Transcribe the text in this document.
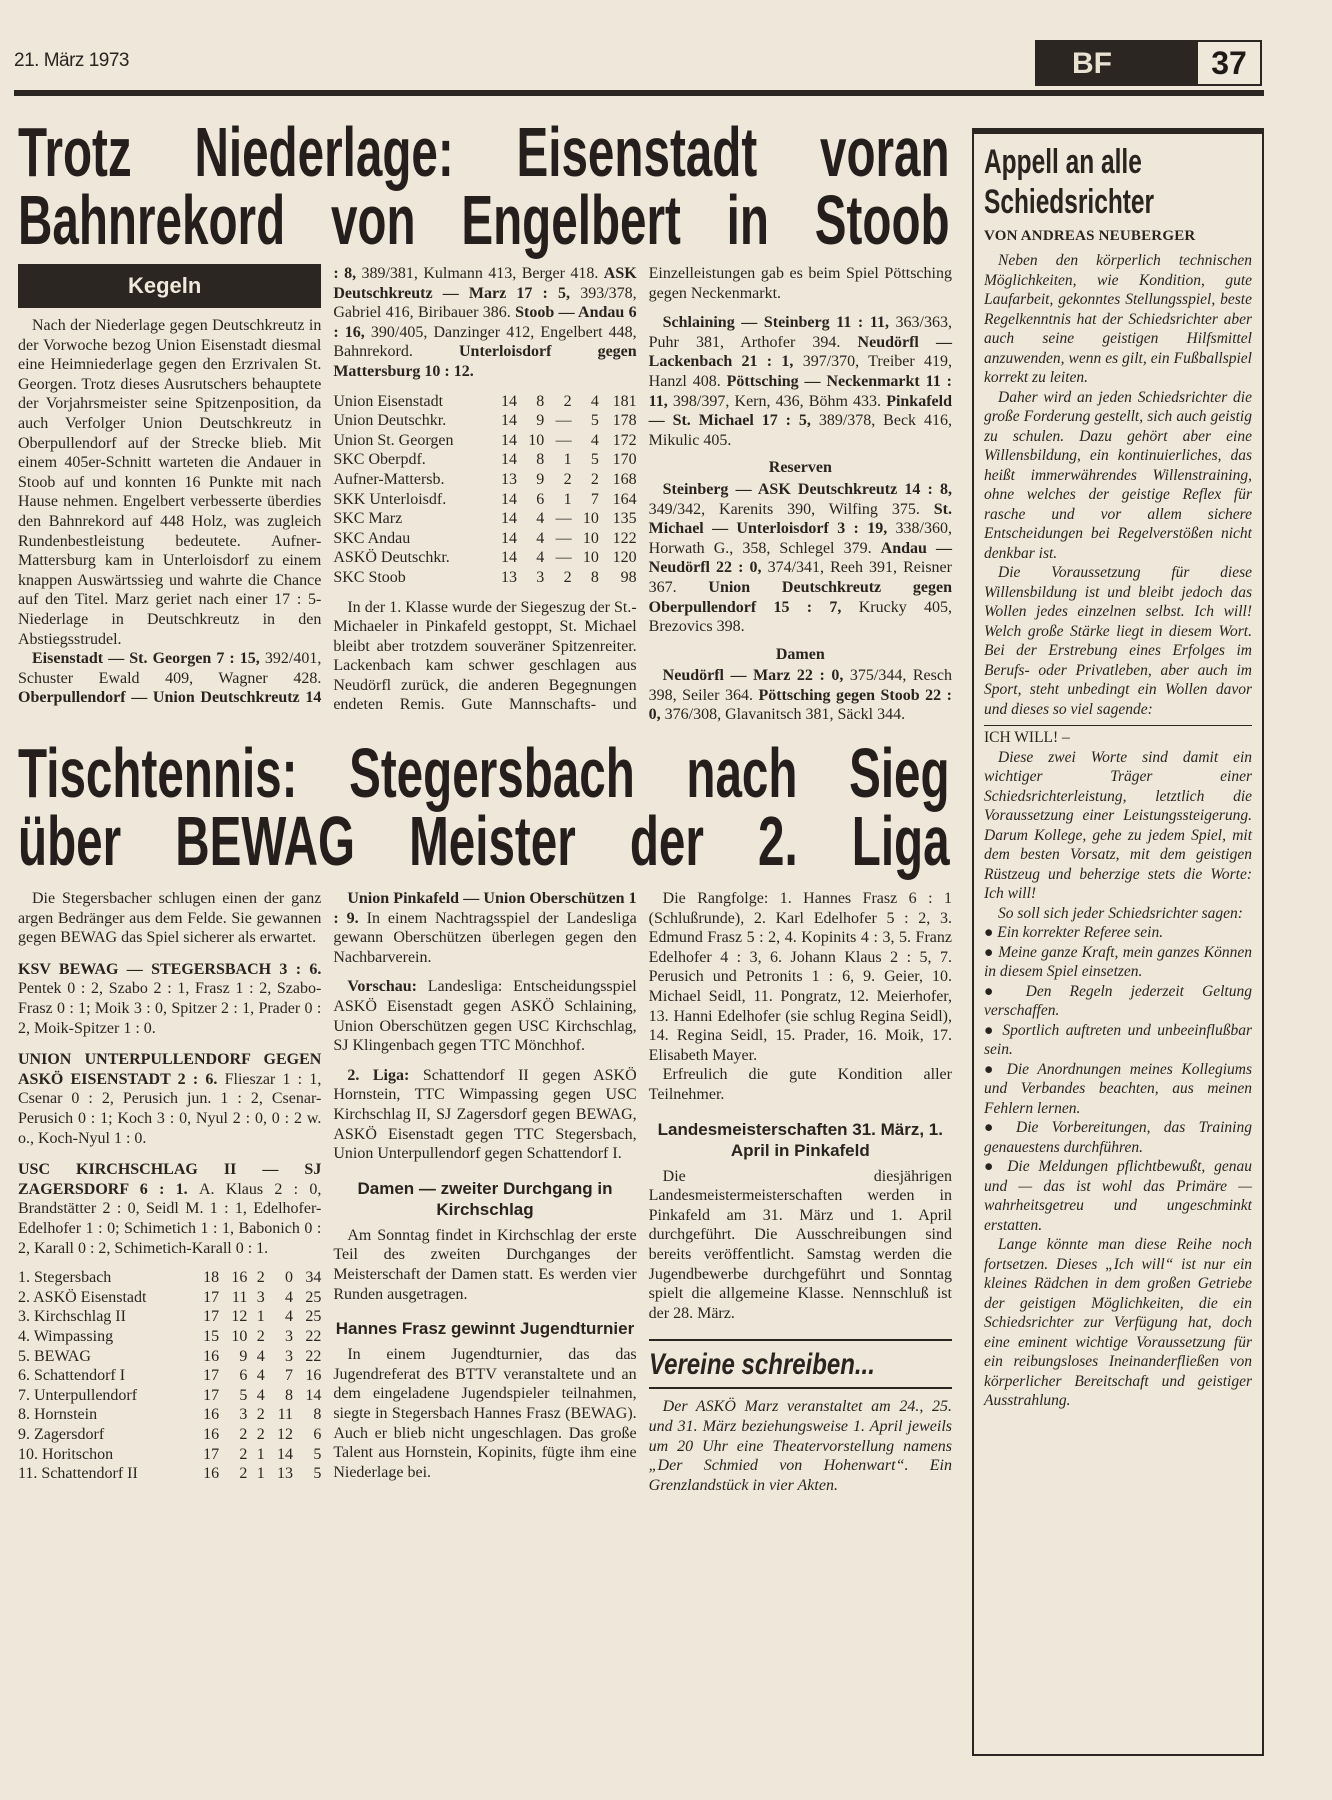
21. März 1973	BF	37
Trotz Niederlage: Eisenstadt voran
Bahnrekord von Engelbert in Stoob
Kegeln

Nach der Niederlage gegen Deutschkreutz in der Vorwoche bezog Union Eisenstadt diesmal eine Heimniederlage gegen den Erzrivalen St. Georgen. Trotz dieses Ausrutschers behauptete der Vorjahrsmeister seine Spitzenposition, da auch Verfolger Union Deutschkreutz in Oberpullendorf auf der Strecke blieb. Mit einem 405er-Schnitt warteten die Andauer in Stoob auf und konnten 16 Punkte mit nach Hause nehmen. Engelbert verbesserte überdies den Bahnrekord auf 448 Holz, was zugleich Rundenbestleistung bedeutete. Aufner-Mattersburg kam in Unterloisdorf zu einem knappen Auswärtssieg und wahrte die Chance auf den Titel. Marz geriet nach einer 17 : 5-Niederlage in Deutschkreutz in den Abstiegsstrudel.

Eisenstadt — St. Georgen 7 : 15, 392/401, Schuster Ewald 409, Wagner 428. Oberpullendorf — Union Deutschkreutz 14 : 8, 389/381, Kulmann 413, Berger 418. ASK Deutschkreutz — Marz 17 : 5, 393/378, Gabriel 416, Biribauer 386. Stoob — Andau 6 : 16, 390/405, Danzinger 412, Engelbert 448, Bahnrekord. Unterloisdorf gegen Mattersburg 10 : 12.

Union Eisenstadt	14	8	2	4	181
Union Deutschkr.	14	9	—	5	178
Union St. Georgen	14	10	—	4	172
SKC Oberpdf.	14	8	1	5	170
Aufner-Mattersb.	13	9	2	2	168
SKK Unterloisdf.	14	6	1	7	164
SKC Marz	14	4	—	10	135
SKC Andau	14	4	—	10	122
ASKÖ Deutschkr.	14	4	—	10	120
SKC Stoob	13	3	2	8	98

In der 1. Klasse wurde der Siegeszug der St.-Michaeler in Pinkafeld gestoppt, St. Michael bleibt aber trotzdem souveräner Spitzenreiter. Lackenbach kam schwer geschlagen aus Neudörfl zurück, die anderen Begegnungen endeten Remis. Gute Mannschafts- und Einzelleistungen gab es beim Spiel Pöttsching gegen Neckenmarkt.

Schlaining — Steinberg 11 : 11, 363/363, Puhr 381, Arthofer 394. Neudörfl — Lackenbach 21 : 1, 397/370, Treiber 419, Hanzl 408. Pöttsching — Neckenmarkt 11 : 11, 398/397, Kern, 436, Böhm 433. Pinkafeld — St. Michael 17 : 5, 389/378, Beck 416, Mikulic 405.

Reserven

Steinberg — ASK Deutschkreutz 14 : 8, 349/342, Karenits 390, Wilfing 375. St. Michael — Unterloisdorf 3 : 19, 338/360, Horwath G., 358, Schlegel 379. Andau — Neudörfl 22 : 0, 374/341, Reeh 391, Reisner 367. Union Deutschkreutz gegen Oberpullendorf 15 : 7, Krucky 405, Brezovics 398.

Damen

Neudörfl — Marz 22 : 0, 375/344, Resch 398, Seiler 364. Pöttsching gegen Stoob 22 : 0, 376/308, Glavanitsch 381, Säckl 344.

Tischtennis: Stegersbach nach Sieg
über BEWAG Meister der 2. Liga

Die Stegersbacher schlugen einen der ganz argen Bedränger aus dem Felde. Sie gewannen gegen BEWAG das Spiel sicherer als erwartet.

KSV BEWAG — STEGERSBACH 3 : 6. Pentek 0 : 2, Szabo 2 : 1, Frasz 1 : 2, Szabo-Frasz 0 : 1; Moik 3 : 0, Spitzer 2 : 1, Prader 0 : 2, Moik-Spitzer 1 : 0.

UNION UNTERPULLENDORF GEGEN ASKÖ EISENSTADT 2 : 6. Flieszar 1 : 1, Csenar 0 : 2, Perusich jun. 1 : 2, Csenar-Perusich 0 : 1; Koch 3 : 0, Nyul 2 : 0, 0 : 2 w. o., Koch-Nyul 1 : 0.

USC KIRCHSCHLAG II — SJ ZAGERSDORF 6 : 1. A. Klaus 2 : 0, Brandstätter 2 : 0, Seidl M. 1 : 1, Edelhofer-Edelhofer 1 : 0; Schimetich 1 : 1, Babonich 0 : 2, Karall 0 : 2, Schimetich-Karall 0 : 1.

1. Stegersbach	18	16	2	0	34
2. ASKÖ Eisenstadt	17	11	3	4	25
3. Kirchschlag II	17	12	1	4	25
4. Wimpassing	15	10	2	3	22
5. BEWAG	16	9	4	3	22
6. Schattendorf I	17	6	4	7	16
7. Unterpullendorf	17	5	4	8	14
8. Hornstein	16	3	2	11	8
9. Zagersdorf	16	2	2	12	6
10. Horitschon	17	2	1	14	5
11. Schattendorf II	16	2	1	13	5

Union Pinkafeld — Union Oberschützen 1 : 9. In einem Nachtragsspiel der Landesliga gewann Oberschützen überlegen gegen den Nachbarverein.

Vorschau: Landesliga: Entscheidungsspiel ASKÖ Eisenstadt gegen ASKÖ Schlaining, Union Oberschützen gegen USC Kirchschlag, SJ Klingenbach gegen TTC Mönchhof.

2. Liga: Schattendorf II gegen ASKÖ Hornstein, TTC Wimpassing gegen USC Kirchschlag II, SJ Zagersdorf gegen BEWAG, ASKÖ Eisenstadt gegen TTC Stegersbach, Union Unterpullendorf gegen Schattendorf I.

Damen — zweiter Durchgang in Kirchschlag

Am Sonntag findet in Kirchschlag der erste Teil des zweiten Durchganges der Meisterschaft der Damen statt. Es werden vier Runden ausgetragen.

Hannes Frasz gewinnt Jugendturnier

In einem Jugendturnier, das das Jugendreferat des BTTV veranstaltete und an dem eingeladene Jugendspieler teilnahmen, siegte in Stegersbach Hannes Frasz (BEWAG). Auch er blieb nicht ungeschlagen. Das große Talent aus Hornstein, Kopinits, fügte ihm eine Niederlage bei.

Die Rangfolge: 1. Hannes Frasz 6 : 1 (Schlußrunde), 2. Karl Edelhofer 5 : 2, 3. Edmund Frasz 5 : 2, 4. Kopinits 4 : 3, 5. Franz Edelhofer 4 : 3, 6. Johann Klaus 2 : 5, 7. Perusich und Petronits 1 : 6, 9. Geier, 10. Michael Seidl, 11. Pongratz, 12. Meierhofer, 13. Hanni Edelhofer (sie schlug Regina Seidl), 14. Regina Seidl, 15. Prader, 16. Moik, 17. Elisabeth Mayer.

Erfreulich die gute Kondition aller Teilnehmer.

Landesmeisterschaften 31. März, 1. April in Pinkafeld

Die diesjährigen Landesmeistermeisterschaften werden in Pinkafeld am 31. März und 1. April durchgeführt. Die Ausschreibungen sind bereits veröffentlicht. Samstag werden die Jugendbewerbe durchgeführt und Sonntag spielt die allgemeine Klasse. Nennschluß ist der 28. März.

Vereine schreiben...

Der ASKÖ Marz veranstaltet am 24., 25. und 31. März beziehungsweise 1. April jeweils um 20 Uhr eine Theatervorstellung namens „Der Schmied von Hohenwart“. Ein Grenzlandstück in vier Akten.

Appell an alle
Schiedsrichter
VON ANDREAS NEUBERGER

Neben den körperlich technischen Möglichkeiten, wie Kondition, gute Laufarbeit, gekonntes Stellungsspiel, beste Regelkenntnis hat der Schiedsrichter aber auch seine geistigen Hilfsmittel anzuwenden, wenn es gilt, ein Fußballspiel korrekt zu leiten.

Daher wird an jeden Schiedsrichter die große Forderung gestellt, sich auch geistig zu schulen. Dazu gehört aber eine Willensbildung, ein kontinuierliches, das heißt immerwährendes Willenstraining, ohne welches der geistige Reflex für rasche und vor allem sichere Entscheidungen bei Regelverstößen nicht denkbar ist.

Die Voraussetzung für diese Willensbildung ist und bleibt jedoch das Wollen jedes einzelnen selbst. Ich will! Welch große Stärke liegt in diesem Wort. Bei der Erstrebung eines Erfolges im Berufs- oder Privatleben, aber auch im Sport, steht unbedingt ein Wollen davor und dieses so viel sagende:

ICH WILL! –

Diese zwei Worte sind damit ein wichtiger Träger einer Schiedsrichterleistung, letztlich die Voraussetzung einer Leistungssteigerung. Darum Kollege, gehe zu jedem Spiel, mit dem besten Vorsatz, mit dem geistigen Rüstzeug und beherzige stets die Worte: Ich will!

So soll sich jeder Schiedsrichter sagen:

● Ein korrekter Referee sein.

● Meine ganze Kraft, mein ganzes Können in diesem Spiel einsetzen.

● Den Regeln jederzeit Geltung verschaffen.

● Sportlich auftreten und unbeeinflußbar sein.

● Die Anordnungen meines Kollegiums und Verbandes beachten, aus meinen Fehlern lernen.

● Die Vorbereitungen, das Training genauestens durchführen.

● Die Meldungen pflichtbewußt, genau und — das ist wohl das Primäre — wahrheitsgetreu und ungeschminkt erstatten.

Lange könnte man diese Reihe noch fortsetzen. Dieses „Ich will“ ist nur ein kleines Rädchen in dem großen Getriebe der geistigen Möglichkeiten, die ein Schiedsrichter zur Verfügung hat, doch eine eminent wichtige Voraussetzung für ein reibungsloses Ineinanderfließen von körperlicher Bereitschaft und geistiger Ausstrahlung.
